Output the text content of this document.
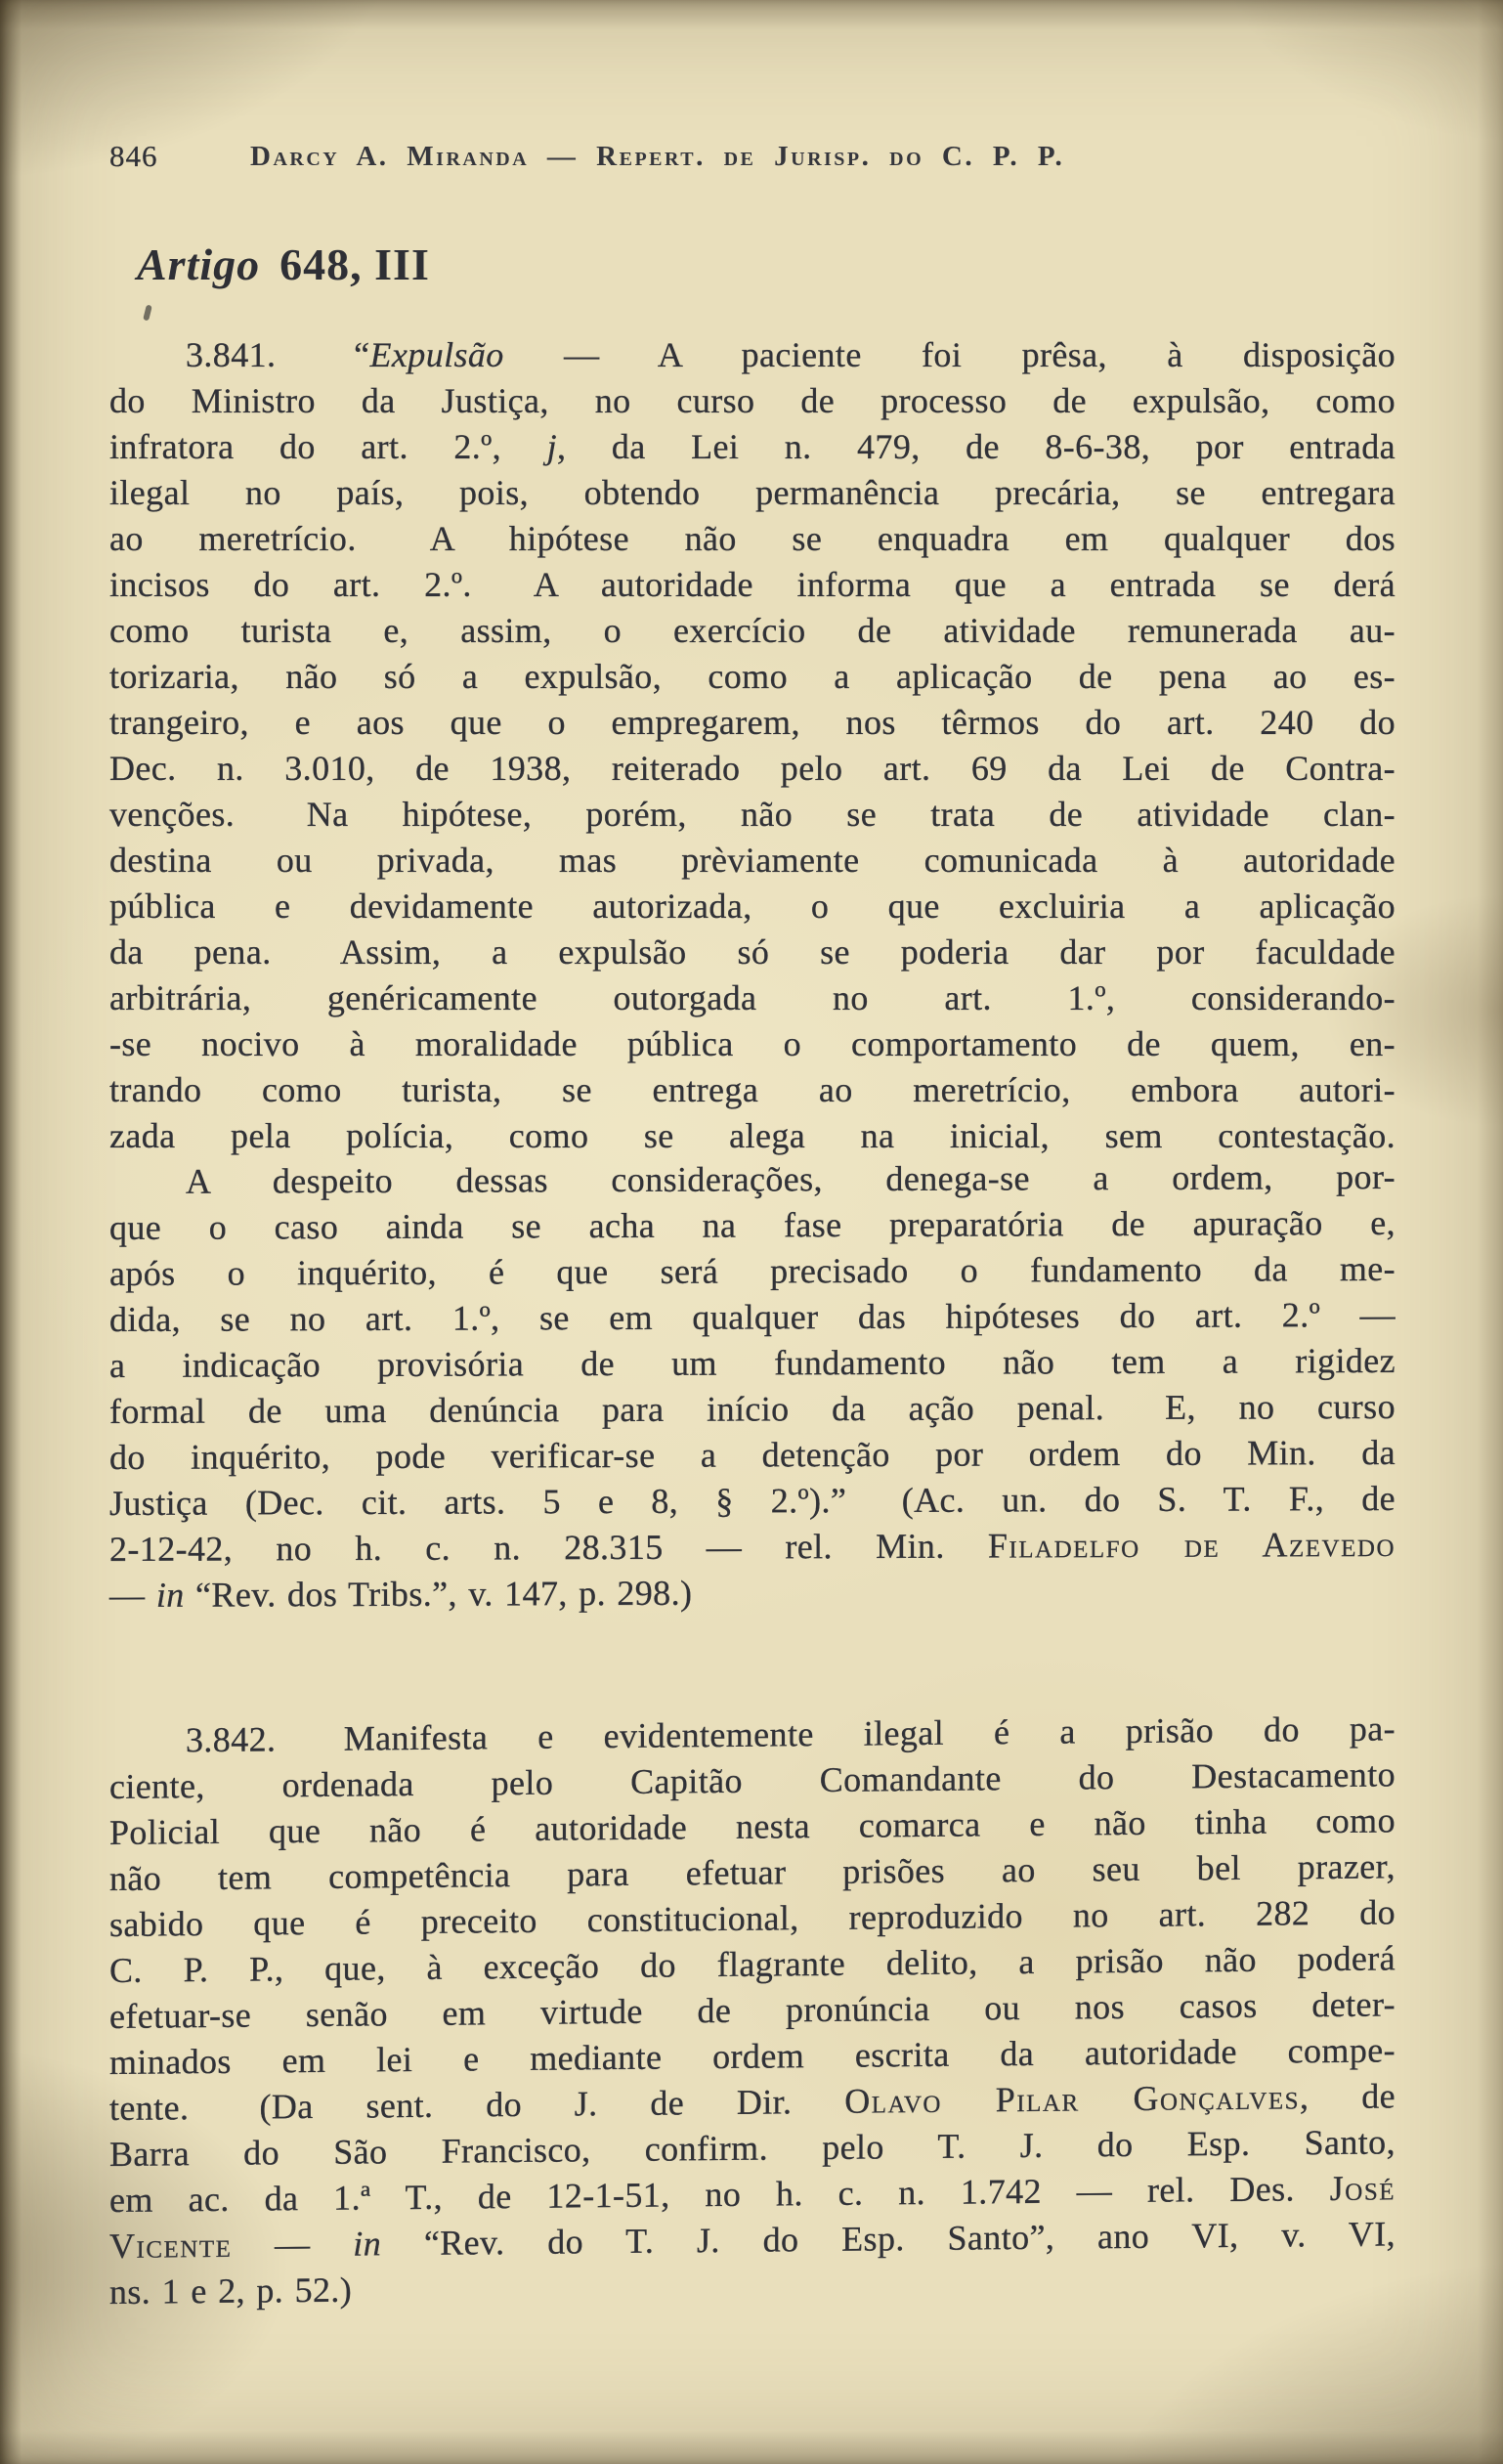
846	Darcy A. Miranda — Repert. de Jurisp. do C. P. P.
Artigo 648, III
3.841.  “Expulsão — A paciente foi prêsa, à disposição
do Ministro da Justiça, no curso de processo de expulsão, como
infratora do art. 2.º, j, da Lei n. 479, de 8-6-38, por entrada
ilegal no país, pois, obtendo permanência precária, se entregara
ao meretrício.  A hipótese não se enquadra em qualquer dos
incisos do art. 2.º.  A autoridade informa que a entrada se derá
como turista e, assim, o exercício de atividade remunerada au-
torizaria, não só a expulsão, como a aplicação de pena ao es-
trangeiro, e aos que o empregarem, nos têrmos do art. 240 do
Dec. n. 3.010, de 1938, reiterado pelo art. 69 da Lei de Contra-
venções.  Na hipótese, porém, não se trata de atividade clan-
destina ou privada, mas prèviamente comunicada à autoridade
pública e devidamente autorizada, o que excluiria a aplicação
da pena.  Assim, a expulsão só se poderia dar por faculdade
arbitrária, genéricamente outorgada no art. 1.º, considerando-
-se nocivo à moralidade pública o comportamento de quem, en-
trando como turista, se entrega ao meretrício, embora autori-
zada pela polícia, como se alega na inicial, sem contestação.
A despeito dessas considerações, denega-se a ordem, por-
que o caso ainda se acha na fase preparatória de apuração e,
após o inquérito, é que será precisado o fundamento da me-
dida, se no art. 1.º, se em qualquer das hipóteses do art. 2.º —
a indicação provisória de um fundamento não tem a rigidez
formal de uma denúncia para início da ação penal.  E, no curso
do inquérito, pode verificar-se a detenção por ordem do Min. da
Justiça (Dec. cit. arts. 5 e 8, § 2.º).”  (Ac. un. do S. T. F., de
2-12-42, no h. c. n. 28.315 — rel. Min. Filadelfo de Azevedo
— in “Rev. dos Tribs.”, v. 147, p. 298.)
3.842.  Manifesta e evidentemente ilegal é a prisão do pa-
ciente, ordenada pelo Capitão Comandante do Destacamento
Policial que não é autoridade nesta comarca e não tinha como
não tem competência para efetuar prisões ao seu bel prazer,
sabido que é preceito constitucional, reproduzido no art. 282 do
C. P. P., que, à exceção do flagrante delito, a prisão não poderá
efetuar-se senão em virtude de pronúncia ou nos casos deter-
minados em lei e mediante ordem escrita da autoridade compe-
tente.  (Da sent. do J. de Dir. Olavo Pilar Gonçalves, de
Barra do São Francisco, confirm. pelo T. J. do Esp. Santo,
em ac. da 1.ª T., de 12-1-51, no h. c. n. 1.742 — rel. Des. José
Vicente — in “Rev. do T. J. do Esp. Santo”, ano VI, v. VI,
ns. 1 e 2, p. 52.)
